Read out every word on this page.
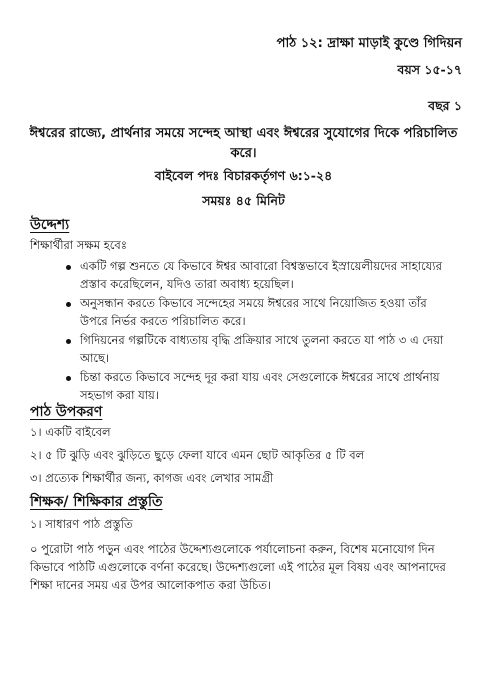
পাঠ ১২: দ্রাক্ষা মাড়াই কুণ্ডে গিদিয়ন

বয়স ১৫-১৭

বছর ১

ঈশ্বরের রাজ্যে, প্রার্থনার সময়ে সন্দেহ আস্থা এবং ঈশ্বরের সুযোগের দিকে পরিচালিত করে।

বাইবেল পদঃ বিচারকর্তৃগণ ৬:১-২৪

সময়ঃ ৪৫ মিনিট

উদ্দেশ্য

শিক্ষার্থীরা সক্ষম হবেঃ

একটি গল্প শুনতে যে কিভাবে ঈশ্বর আবারো বিশ্বস্তভাবে ইস্রায়েলীয়দের সাহায্যের প্রস্তাব করেছিলেন, যদিও তারা অবাধ্য হয়েছিল।
অনুসন্ধান করতে কিভাবে সন্দেহের সময়ে ঈশ্বরের সাথে নিয়োজিত হওয়া তাঁর উপরে নির্ভর করতে পরিচালিত করে।
গিদিয়নের গল্পটিকে বাধ্যতায় বৃদ্ধি প্রক্রিয়ার সাথে তুলনা করতে যা পাঠ ৩ এ দেয়া আছে।
চিন্তা করতে কিভাবে সন্দেহ দূর করা যায় এবং সেগুলোকে ঈশ্বরের সাথে প্রার্থনায় সহভাগ করা যায়।

পাঠ উপকরণ

১। একটি বাইবেল

২। ৫ টি ঝুড়ি এবং ঝুড়িতে ছুড়ে ফেলা যাবে এমন ছোট আকৃতির ৫ টি বল

৩। প্রত্যেক শিক্ষার্থীর জন্য, কাগজ এবং লেখার সামগ্রী

শিক্ষক/ শিক্ষিকার প্রস্তুতি

১। সাধারণ পাঠ প্রস্তুতি

০ পুরোটা পাঠ পড়ুন এবং পাঠের উদ্দেশ্যগুলোকে পর্যালোচনা করুন, বিশেষ মনোযোগ দিন কিভাবে পাঠটি এগুলোকে বর্ণনা করেছে। উদ্দেশ্যগুলো এই পাঠের মূল বিষয় এবং আপনাদের শিক্ষা দানের সময় এর উপর আলোকপাত করা উচিত।
